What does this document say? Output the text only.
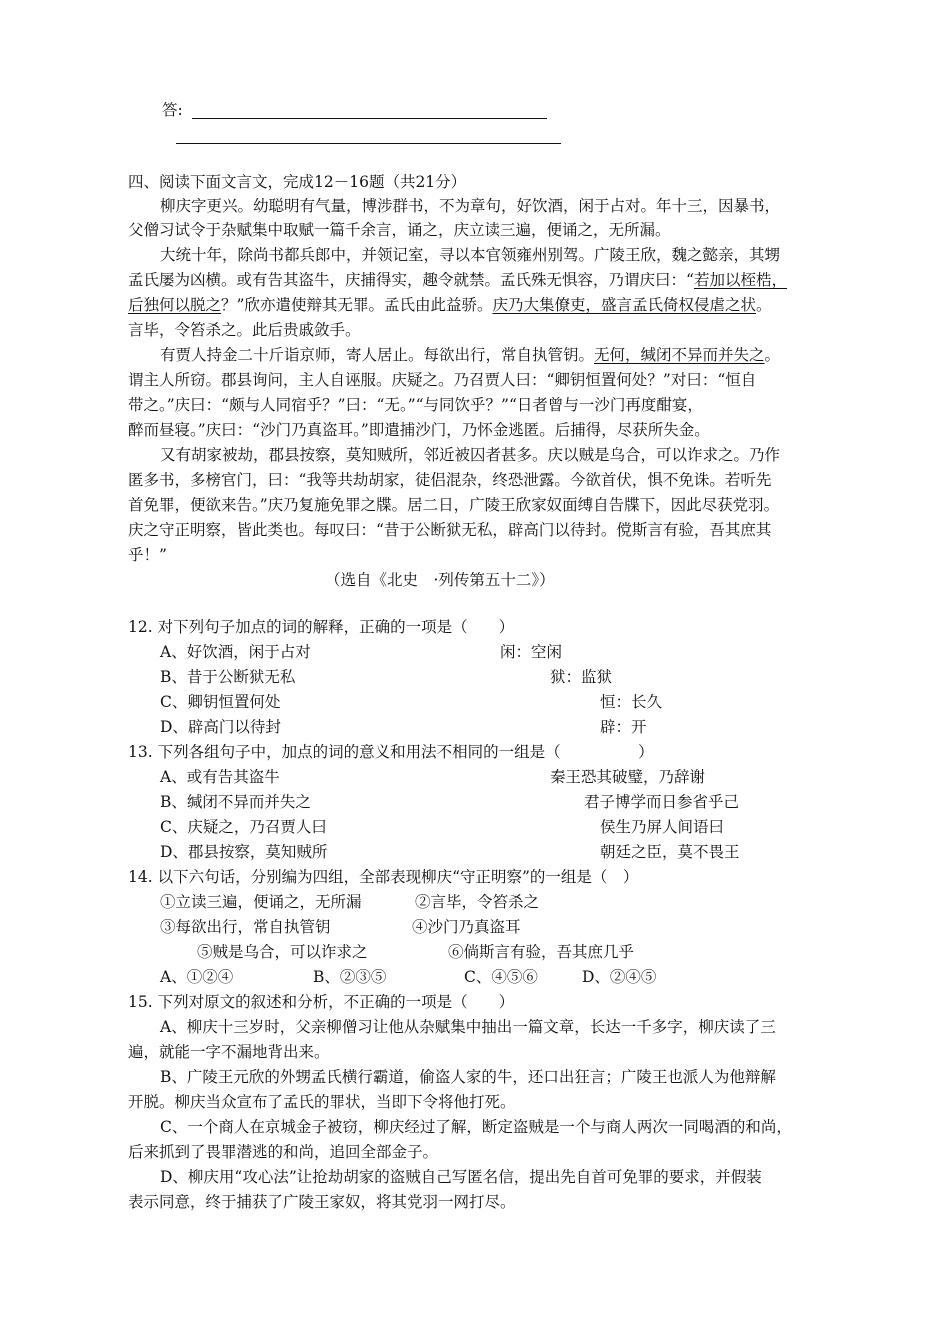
答:
四、阅读下面文言文，完成12－16题（共21分）
柳庆字更兴。幼聪明有气量，博涉群书，不为章句，好饮酒，闲于占对。年十三，因暴书，
父僧习试令于杂赋集中取赋一篇千余言，诵之，庆立读三遍，便诵之，无所漏。
大统十年，除尚书都兵郎中，并领记室，寻以本官领雍州别驾。广陵王欣，魏之懿亲，其甥
孟氏屡为凶横。或有告其盗牛，庆捕得实，趣令就禁。孟氏殊无惧容，乃谓庆曰：“若加以桎梏，
后独何以脱之？”欣亦遣使辩其无罪。孟氏由此益骄。庆乃大集僚吏，盛言孟氏倚权侵虐之状。
言毕，令笞杀之。此后贵戚敛手。
有贾人持金二十斤诣京师，寄人居止。每欲出行，常自执管钥。无何，缄闭不异而并失之。
谓主人所窃。郡县询问，主人自诬服。庆疑之。乃召贾人曰：“卿钥恒置何处？”对曰：“恒自
带之。”庆曰：“颇与人同宿乎？”曰：“无。”“与同饮乎？”“日者曾与一沙门再度酣宴，
醉而昼寝。”庆曰：“沙门乃真盗耳。”即遣捕沙门，乃怀金逃匿。后捕得，尽获所失金。
又有胡家被劫，郡县按察，莫知贼所，邻近被囚者甚多。庆以贼是乌合，可以诈求之。乃作
匿多书，多榜官门，曰：“我等共劫胡家，徒侣混杂，终恐泄露。今欲首伏，惧不免诛。若听先
首免罪，便欲来告。”庆乃复施免罪之牒。居二日，广陵王欣家奴面缚自告牒下，因此尽获党羽。
庆之守正明察，皆此类也。每叹曰：“昔于公断狱无私，辟高门以待封。傥斯言有验，吾其庶其
乎！”
（选自《北史　·列传第五十二》）
12. 对下列句子加点的词的解释，正确的一项是（　　）
A、好饮酒，闲于占对	闲：空闲
B、昔于公断狱无私	狱：监狱
C、卿钥恒置何处	恒：长久
D、辟高门以待封	辟：开
13. 下列各组句子中，加点的词的意义和用法不相同的一组是（　　　　　）
A、或有告其盗牛	秦王恐其破璧，乃辞谢
B、缄闭不异而并失之	君子博学而日参省乎己
C、庆疑之，乃召贾人曰	侯生乃屏人间语曰
D、郡县按察，莫知贼所	朝廷之臣，莫不畏王
14. 以下六句话，分别编为四组，全部表现柳庆“守正明察”的一组是（　）
①立读三遍，便诵之，无所漏	②言毕，令笞杀之
③每欲出行，常自执管钥	④沙门乃真盗耳
⑤贼是乌合，可以诈求之	⑥倘斯言有验，吾其庶几乎
A、①②④	B、②③⑤	C、④⑤⑥	D、②④⑤
15. 下列对原文的叙述和分析，不正确的一项是（　　）
A、柳庆十三岁时，父亲柳僧习让他从杂赋集中抽出一篇文章，长达一千多字，柳庆读了三
遍，就能一字不漏地背出来。
B、广陵王元欣的外甥孟氏横行霸道，偷盗人家的牛，还口出狂言；广陵王也派人为他辩解
开脱。柳庆当众宣布了孟氏的罪状，当即下令将他打死。
C、一个商人在京城金子被窃，柳庆经过了解，断定盗贼是一个与商人两次一同喝酒的和尚，
后来抓到了畏罪潜逃的和尚，追回全部金子。
D、柳庆用“攻心法”让抢劫胡家的盗贼自己写匿名信，提出先自首可免罪的要求，并假装
表示同意，终于捕获了广陵王家奴，将其党羽一网打尽。
